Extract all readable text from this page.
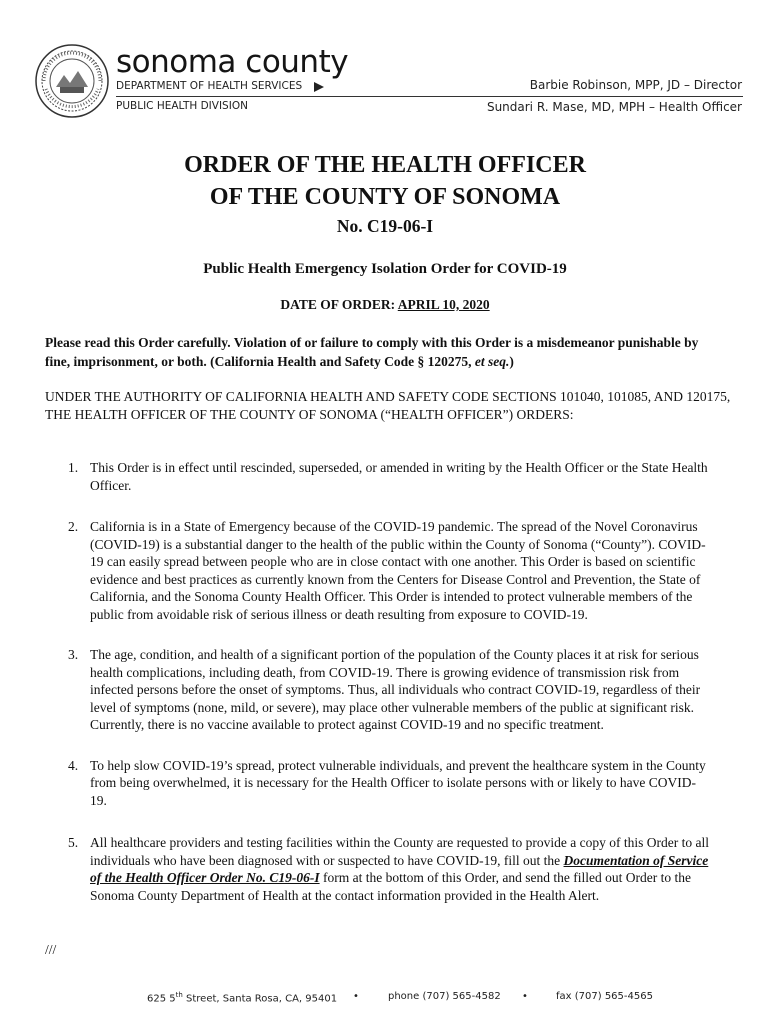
sonoma county
DEPARTMENT OF HEALTH SERVICES
PUBLIC HEALTH DIVISION
Barbie Robinson, MPP, JD – Director
Sundari R. Mase, MD, MPH – Health Officer
ORDER OF THE HEALTH OFFICER
OF THE COUNTY OF SONOMA
No. C19-06-I
Public Health Emergency Isolation Order for COVID-19
DATE OF ORDER: APRIL 10, 2020
Please read this Order carefully. Violation of or failure to comply with this Order is a misdemeanor punishable by fine, imprisonment, or both. (California Health and Safety Code § 120275, et seq.)
UNDER THE AUTHORITY OF CALIFORNIA HEALTH AND SAFETY CODE SECTIONS 101040, 101085, AND 120175, THE HEALTH OFFICER OF THE COUNTY OF SONOMA (“HEALTH OFFICER”) ORDERS:
1. This Order is in effect until rescinded, superseded, or amended in writing by the Health Officer or the State Health Officer.
2. California is in a State of Emergency because of the COVID-19 pandemic. The spread of the Novel Coronavirus (COVID-19) is a substantial danger to the health of the public within the County of Sonoma (“County”). COVID-19 can easily spread between people who are in close contact with one another. This Order is based on scientific evidence and best practices as currently known from the Centers for Disease Control and Prevention, the State of California, and the Sonoma County Health Officer. This Order is intended to protect vulnerable members of the public from avoidable risk of serious illness or death resulting from exposure to COVID-19.
3. The age, condition, and health of a significant portion of the population of the County places it at risk for serious health complications, including death, from COVID-19. There is growing evidence of transmission risk from infected persons before the onset of symptoms. Thus, all individuals who contract COVID-19, regardless of their level of symptoms (none, mild, or severe), may place other vulnerable members of the public at significant risk. Currently, there is no vaccine available to protect against COVID-19 and no specific treatment.
4. To help slow COVID-19’s spread, protect vulnerable individuals, and prevent the healthcare system in the County from being overwhelmed, it is necessary for the Health Officer to isolate persons with or likely to have COVID-19.
5. All healthcare providers and testing facilities within the County are requested to provide a copy of this Order to all individuals who have been diagnosed with or suspected to have COVID-19, fill out the Documentation of Service of the Health Officer Order No. C19-06-I form at the bottom of this Order, and send the filled out Order to the Sonoma County Department of Health at the contact information provided in the Health Alert.
///
625 5th Street, Santa Rosa, CA, 95401 •	phone (707) 565-4582 •	fax (707) 565-4565
